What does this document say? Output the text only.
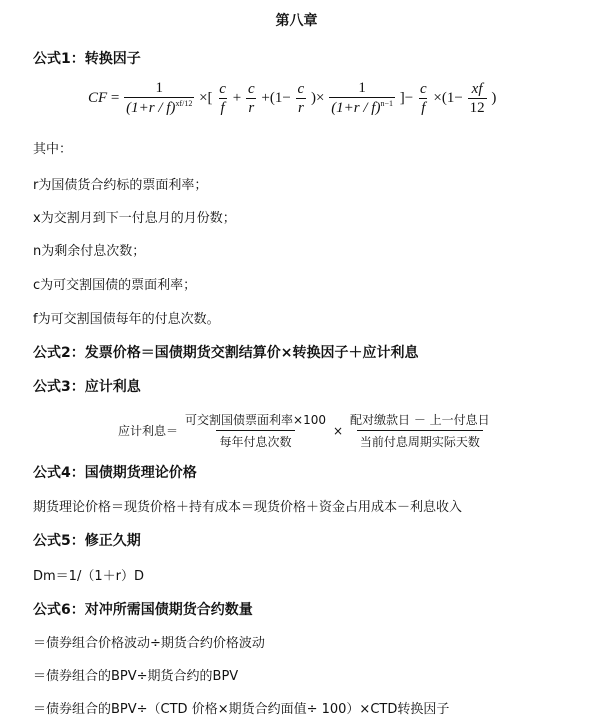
第八章
公式1：转换因子
CF = $\frac{1}{(1+r / f)^{xf/12}}$ ×[ $\frac{c}{f} + \frac{c}{r} +(1- \frac{c}{r}$ )× $\frac{1}{(1+r / f)^{n-1}}$ ]− $\frac{c}{f} \times(1- \frac{xf}{12}$ )
其中：
r为国债货合约标的票面利率；
x为交割月到下一付息月的月份数；
n为剩余付息次数；
c为可交割国债的票面利率；
f为可交割国债每年的付息次数。
公式2：发票价格＝国债期货交割结算价×转换因子＋应计利息
公式3：应计利息
应计利息＝ $\frac{\text{可交割国债票面利率×100}}{\text{每年付息次数}} \times \frac{\text{配对缴款日 － 上一付息日}}{\text{当前付息周期实际天数}}$
公式4：国债期货理论价格
期货理论价格＝现货价格＋持有成本＝现货价格＋资金占用成本－利息收入
公式5：修正久期
Dm＝1/（1＋r）D
公式6：对冲所需国债期货合约数量
＝债券组合价格波动÷期货合约价格波动
＝债券组合的BPV÷期货合约的BPV
＝债券组合的BPV÷（CTD 价格×期货合约面值÷ 100）×CTD转换因子
